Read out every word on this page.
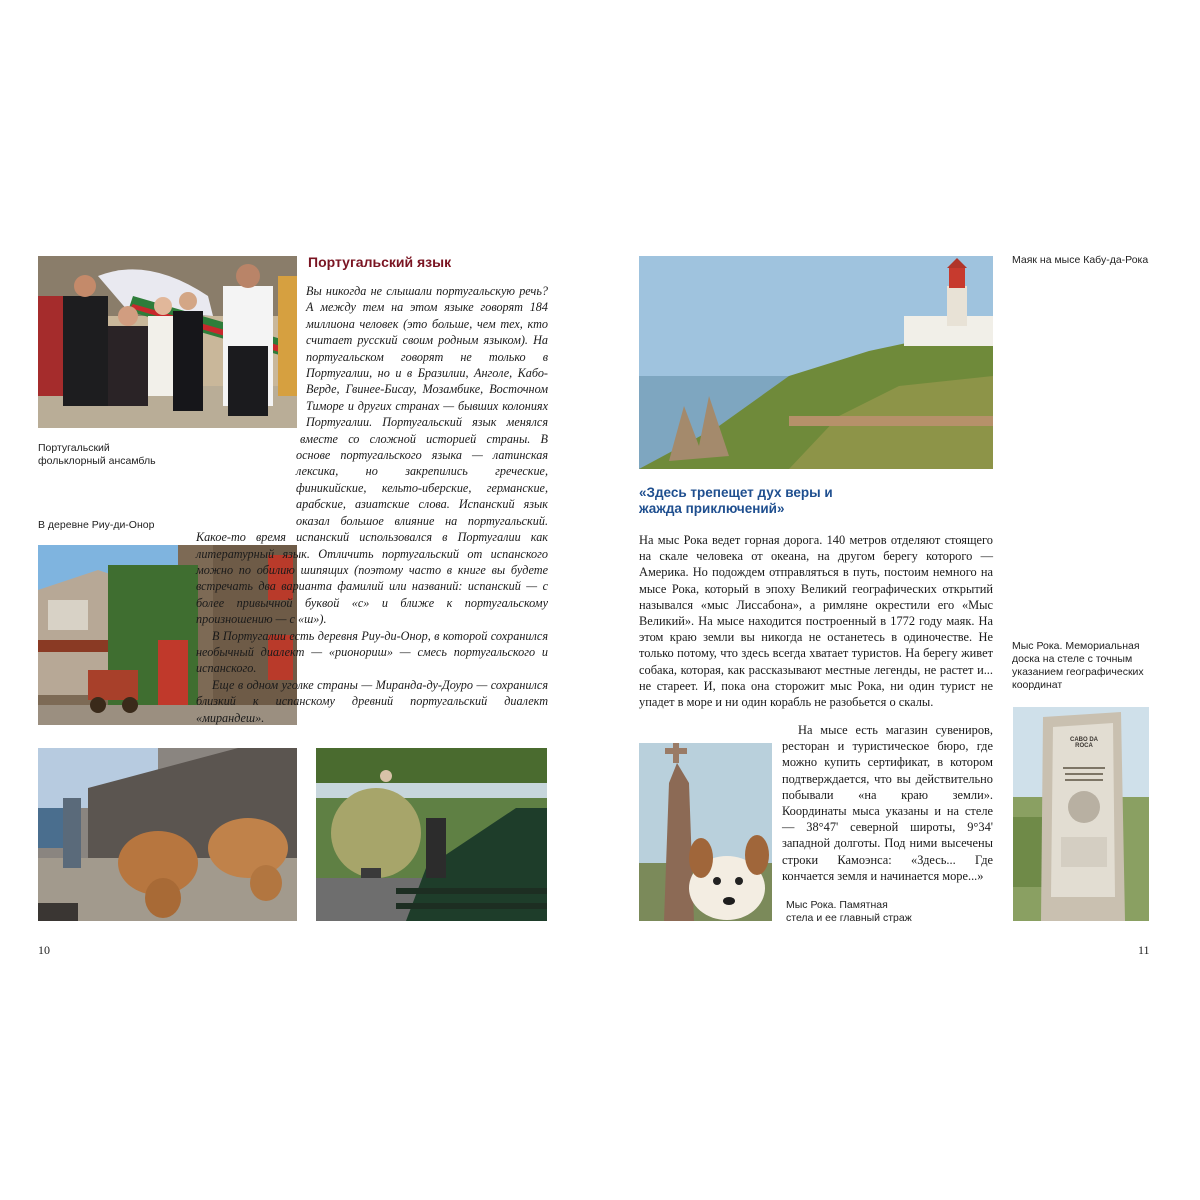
Португальский фольклорный ансамбль
В деревне Риу-ди-Онор
Португальский язык

Вы никогда не слышали португальскую речь? А между тем на этом языке говорят 184 миллиона человек (это больше, чем тех, кто считает русский своим родным языком). На португальском говорят не только в Португалии, но и в Бразилии, Анголе, Кабо-Верде, Гвинее-Бисау, Мозамбике, Восточном Тиморе и других странах — бывших колониях Португалии. Португальский язык менялся вместе со сложной историей страны. В основе португальского языка — латинская лексика, но закрепились греческие, финикийские, кельто-иберские, германские, арабские, азиатские слова. Испанский язык оказал большое влияние на португальский. Какое-то время испанский использовался в Португалии как литературный язык. Отличить португальский от испанского можно по обилию шипящих (поэтому часто в книге вы будете встречать два варианта фамилий или названий: испанский — с более привычной буквой «с» и ближе к португальскому произношению — с «ш»).

В Португалии есть деревня Риу-ди-Онор, в которой сохранился необычный диалект — «рионориш» — смесь португальского и испанского.

Еще в одном уголке страны — Миранда-ду-Доуро — сохранился близкий к испанскому древний португальский диалект «мирандеш».

10
Маяк на мысе Кабу-да-Рока
«Здесь трепещет дух веры и жажда приключений»

На мыс Рока ведет горная дорога. 140 метров отделяют стоящего на скале человека от океана, на другом берегу которого — Америка. Но подождем отправляться в путь, постоим немного на мысе Рока, который в эпоху Великий географических открытий назывался «мыс Лиссабона», а римляне окрестили его «Мыс Великий». На мысе находится построенный в 1772 году маяк. На этом краю земли вы никогда не останетесь в одиночестве. Не только потому, что здесь всегда хватает туристов. На берегу живет собака, которая, как рассказывают местные легенды, не растет и... не стареет. И, пока она сторожит мыс Рока, ни один турист не упадет в море и ни один корабль не разобьется о скалы.

На мысе есть магазин сувениров, ресторан и туристическое бюро, где можно купить сертификат, в котором подтверждается, что вы действительно побывали «на краю земли». Координаты мыса указаны и на стеле — 38°47' северной широты, 9°34' западной долготы. Под ними высечены строки Камоэнса: «Здесь... Где кончается земля и начинается море...»

Мыс Рока. Памятная стела и ее главный страж
Мыс Рока. Мемориальная доска на стеле с точным указанием географических координат
CABO DA ROCA
11
